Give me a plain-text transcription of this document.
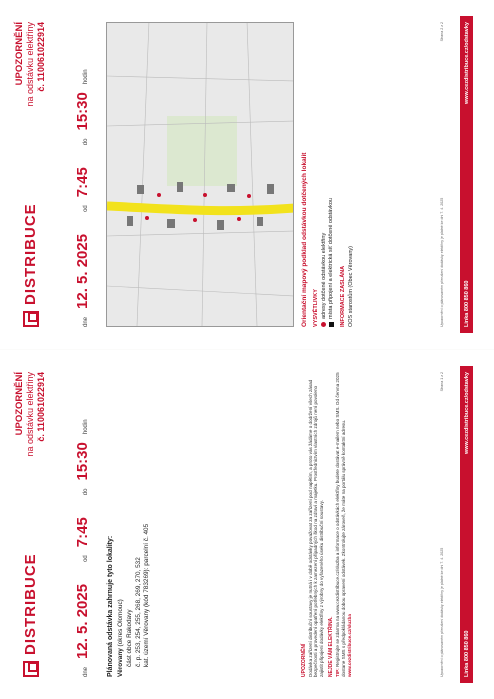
DISTRIBUCE
UPOZORNĚNÍ na odstávku elektřiny č. 110061022914
dne
12. 5. 2025
od
7:45
do
15:30
hodin
Plánovaná odstávka zahrnuje tyto lokality: Věrovany (okres Olomouc) část obce Rakodavy č. p. 253, 254, 255, 268, 269, 270, 532 kat. území Věrovany (kód 783269): parcelní č. 405	UPOZORNĚNÍ Dodávka zařízení distribuční soustavy je nutná i v době odstávky považovat za zařízení pod napětím, a proto vás žádáme o dodržení všech zásad bezpečnosti a provedení opatření potřebných k zamezení případných škod na zdraví a majetku. Prostřednictvím vlastních zdrojů není povoleno zajistit připojení dodávky elektřiny z výrobny do vyřazeného úseku distribuční soustavy. NEJDE VÁM ELEKTŘINA. TIP: Registrujte se zdarma na www.cezdistribuce.cz/sluzba a informace o odstávkách elektřiny budete dostávat e-mailem nebo SMS. Od června 2025 dostane SMS s předpokládanou dobou opravení odstávek. Zkontrolujte zároveň, že máte na portálu správně kontaktní adresu. www.cezdistribuce.cz/sluzba	Upozornění o plánovaném přerušení dodávky elektřiny je platné ke dni 7. 4. 2025
Strana 1 z 2
Linka 800 850 860
www.cezdistribuce.cz/odstavky
DISTRIBUCE
UPOZORNĚNÍ na odstávku elektřiny č. 110061022914
dne
12. 5. 2025
od
7:45
do
15:30
hodin
Orientační mapový podklad odstávkou dotčených lokalit VYSVĚTLIVKY adresy dotčené odstávkou elektřiny místa připojení a elektrická síť dotčené odstávkou	INFORMACE ZASLÁNA OOS starostům (Obec Věrovany)	Upozornění o plánovaném přerušení dodávky elektřiny je platné ke dni 7. 4. 2025
Strana 2 z 2
Linka 800 850 860
www.cezdistribuce.cz/odstavky
